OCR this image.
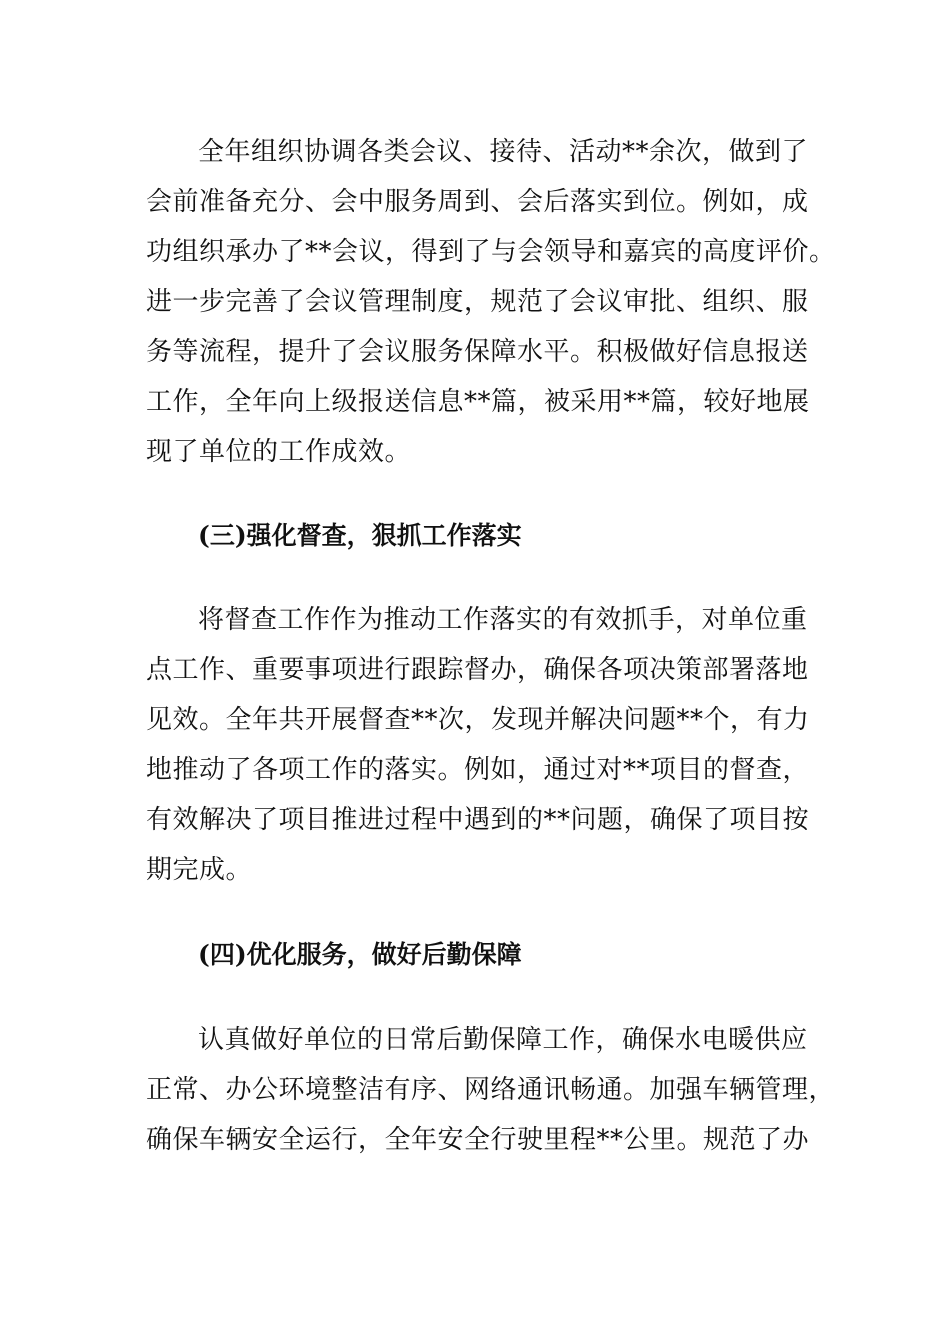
全年组织协调各类会议、接待、活动**余次，做到了
会前准备充分、会中服务周到、会后落实到位。例如，成
功组织承办了**会议，得到了与会领导和嘉宾的高度评价。
进一步完善了会议管理制度，规范了会议审批、组织、服
务等流程，提升了会议服务保障水平。积极做好信息报送
工作，全年向上级报送信息**篇，被采用**篇，较好地展
现了单位的工作成效。
(三)强化督查，狠抓工作落实
将督查工作作为推动工作落实的有效抓手，对单位重
点工作、重要事项进行跟踪督办，确保各项决策部署落地
见效。全年共开展督查**次，发现并解决问题**个，有力
地推动了各项工作的落实。例如，通过对**项目的督查，
有效解决了项目推进过程中遇到的**问题，确保了项目按
期完成。
(四)优化服务，做好后勤保障
认真做好单位的日常后勤保障工作，确保水电暖供应
正常、办公环境整洁有序、网络通讯畅通。加强车辆管理，
确保车辆安全运行，全年安全行驶里程**公里。规范了办
